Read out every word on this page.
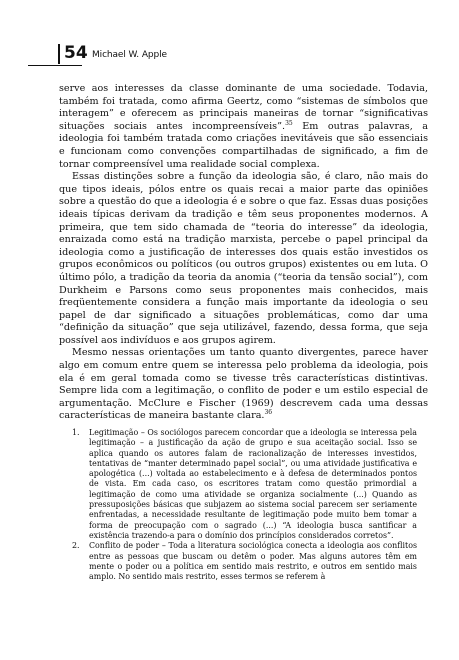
54 Michael W. Apple

serve aos interesses da classe dominante de uma sociedade. Todavia, também foi tratada, como afirma Geertz, como “sistemas de símbolos que interagem” e oferecem as principais maneiras de tornar “significativas situações sociais antes incompreensíveis”.$^{35}$ Em outras palavras, a ideologia foi também tratada como criações inevitáveis que são essenciais e funcionam como convenções compartilhadas de significado, a fim de tornar compreensível uma realidade social complexa.

Essas distinções sobre a função da ideologia são, é claro, não mais do que tipos ideais, pólos entre os quais recai a maior parte das opiniões sobre a questão do que a ideologia é e sobre o que faz. Essas duas posições ideais típicas derivam da tradição e têm seus proponentes modernos. A primeira, que tem sido chamada de “teoria do interesse” da ideologia, enraizada como está na tradição marxista, percebe o papel principal da ideologia como a justificação de interesses dos quais estão investidos os grupos econômicos ou políticos (ou outros grupos) existentes ou em luta. O último pólo, a tradição da teoria da anomia (“teoria da tensão social”), com Durkheim e Parsons como seus proponentes mais conhecidos, mais freqüentemente considera a função mais importante da ideologia o seu papel de dar significado a situações problemáticas, como dar uma “definição da situação” que seja utilizável, fazendo, dessa forma, que seja possível aos indivíduos e aos grupos agirem.

Mesmo nessas orientações um tanto quanto divergentes, parece haver algo em comum entre quem se interessa pelo problema da ideologia, pois ela é em geral tomada como se tivesse três características distintivas. Sempre lida com a legitimação, o conflito de poder e um estilo especial de argumentação. McClure e Fischer (1969) descrevem cada uma dessas características de maneira bastante clara.$^{36}$

1. Legitimação – Os sociólogos parecem concordar que a ideologia se interessa pela legitimação – a justificação da ação de grupo e sua aceitação social. Isso se aplica quando os autores falam de racionalização de interesses investidos, tentativas de “manter determinado papel social”, ou uma atividade justificativa e apologética (...) voltada ao estabelecimento e à defesa de determinados pontos de vista. Em cada caso, os escritores tratam como questão primordial a legitimação de como uma atividade se organiza socialmente (...) Quando as pressuposições básicas que subjazem ao sistema social parecem ser seriamente enfrentadas, a necessidade resultante de legitimação pode muito bem tomar a forma de preocupação com o sagrado (...) “A ideologia busca santificar a existência trazendo-a para o domínio dos princípios considerados corretos”.

2. Conflito de poder – Toda a literatura sociológica conecta a ideologia aos conflitos entre as pessoas que buscam ou detêm o poder. Mas alguns autores têm em mente o poder ou a política em sentido mais restrito, e outros em sentido mais amplo. No sentido mais restrito, esses termos se referem à
